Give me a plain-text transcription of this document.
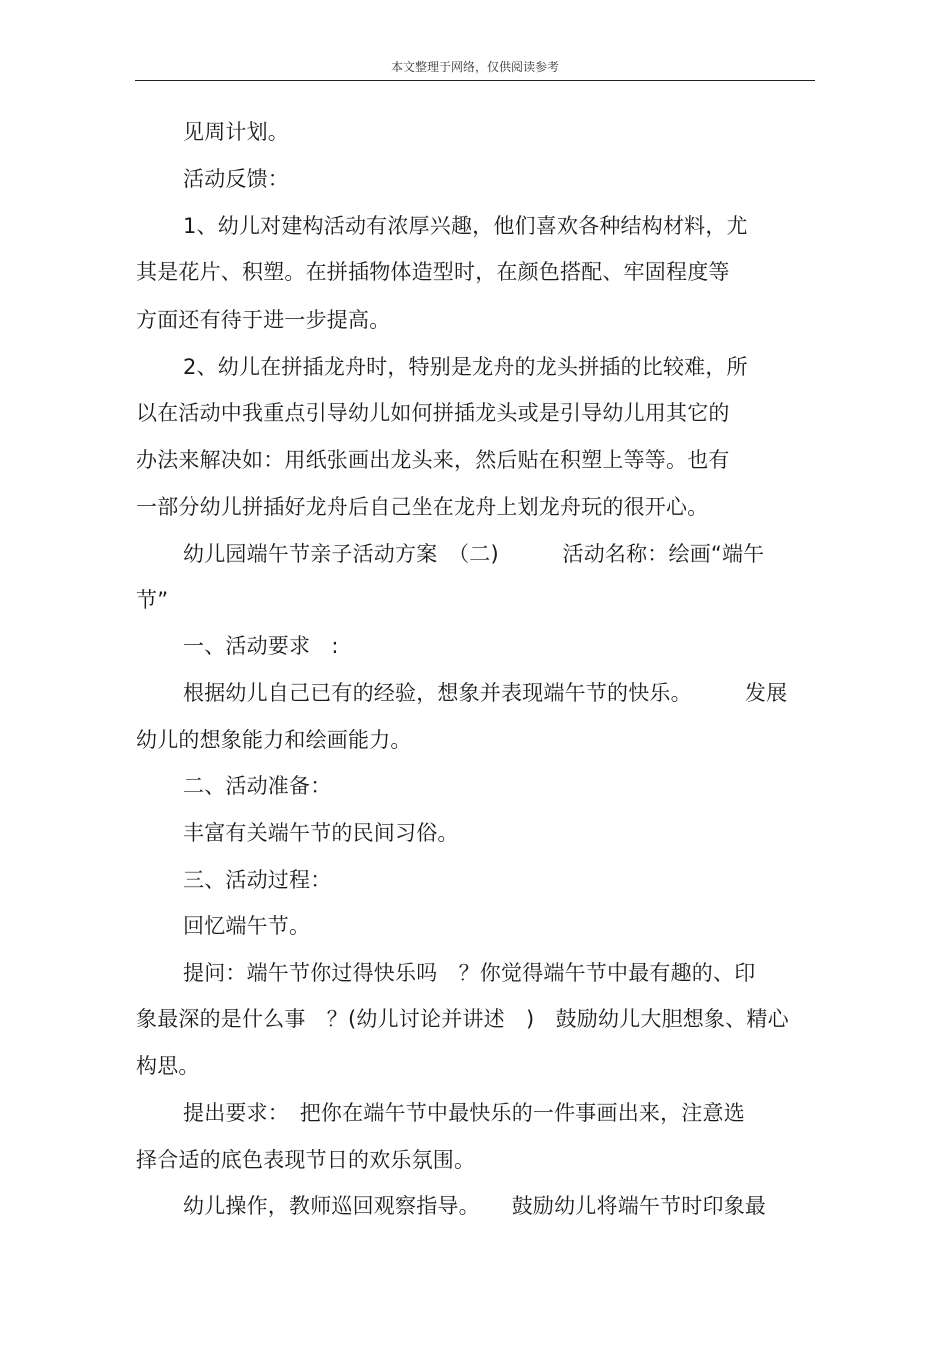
本文整理于网络，仅供阅读参考
见周计划。
活动反馈：
1、幼儿对建构活动有浓厚兴趣，他们喜欢各种结构材料，尤
其是花片、积塑。在拼插物体造型时，在颜色搭配、牢固程度等
方面还有待于进一步提高。
2、幼儿在拼插龙舟时，特别是龙舟的龙头拼插的比较难，所
以在活动中我重点引导幼儿如何拼插龙头或是引导幼儿用其它的
办法来解决如：用纸张画出龙头来，然后贴在积塑上等等。也有
一部分幼儿拼插好龙舟后自己坐在龙舟上划龙舟玩的很开心。
幼儿园端午节亲子活动方案　（二)　　　活动名称：绘画“端午
节”
一、活动要求　:
根据幼儿自己已有的经验，想象并表现端午节的快乐。　　　发展
幼儿的想象能力和绘画能力。
二、活动准备：
丰富有关端午节的民间习俗。
三、活动过程：
回忆端午节。
提问：端午节你过得快乐吗　？你觉得端午节中最有趣的、印
象最深的是什么事　？(幼儿讨论并讲述　)　鼓励幼儿大胆想象、精心
构思。
提出要求：　把你在端午节中最快乐的一件事画出来，注意选
择合适的底色表现节日的欢乐氛围。
幼儿操作，教师巡回观察指导。　　鼓励幼儿将端午节时印象最
